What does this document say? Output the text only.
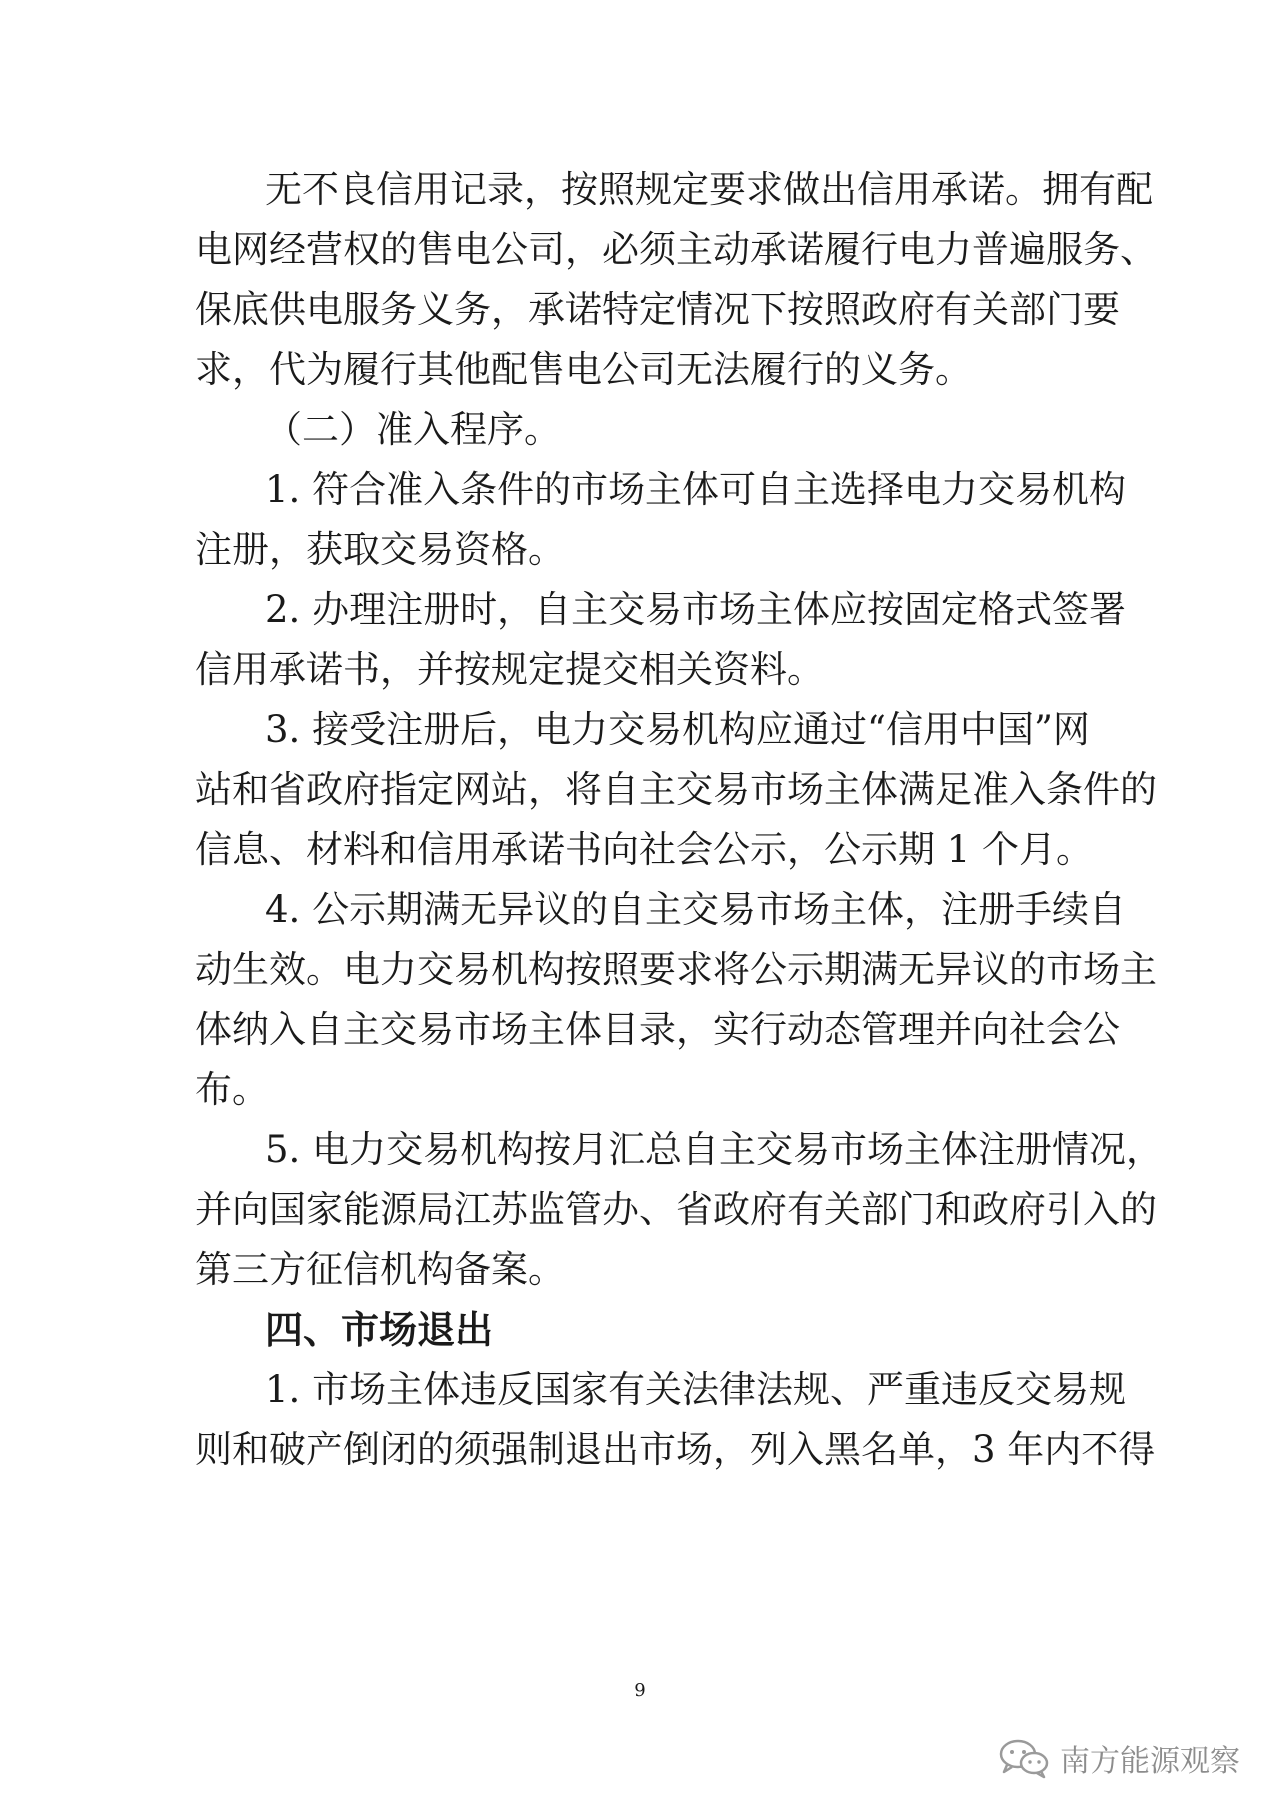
无不良信用记录，按照规定要求做出信用承诺。拥有配
电网经营权的售电公司，必须主动承诺履行电力普遍服务、
保底供电服务义务，承诺特定情况下按照政府有关部门要
求，代为履行其他配售电公司无法履行的义务。
（二）准入程序。
1. 符合准入条件的市场主体可自主选择电力交易机构
注册，获取交易资格。
2. 办理注册时，自主交易市场主体应按固定格式签署
信用承诺书，并按规定提交相关资料。
3. 接受注册后，电力交易机构应通过“信用中国”网
站和省政府指定网站，将自主交易市场主体满足准入条件的
信息、材料和信用承诺书向社会公示，公示期 1 个月。
4. 公示期满无异议的自主交易市场主体，注册手续自
动生效。电力交易机构按照要求将公示期满无异议的市场主
体纳入自主交易市场主体目录，实行动态管理并向社会公
布。
5. 电力交易机构按月汇总自主交易市场主体注册情况，
并向国家能源局江苏监管办、省政府有关部门和政府引入的
第三方征信机构备案。
四、市场退出
1. 市场主体违反国家有关法律法规、严重违反交易规
则和破产倒闭的须强制退出市场，列入黑名单，3 年内不得
9
南方能源观察
